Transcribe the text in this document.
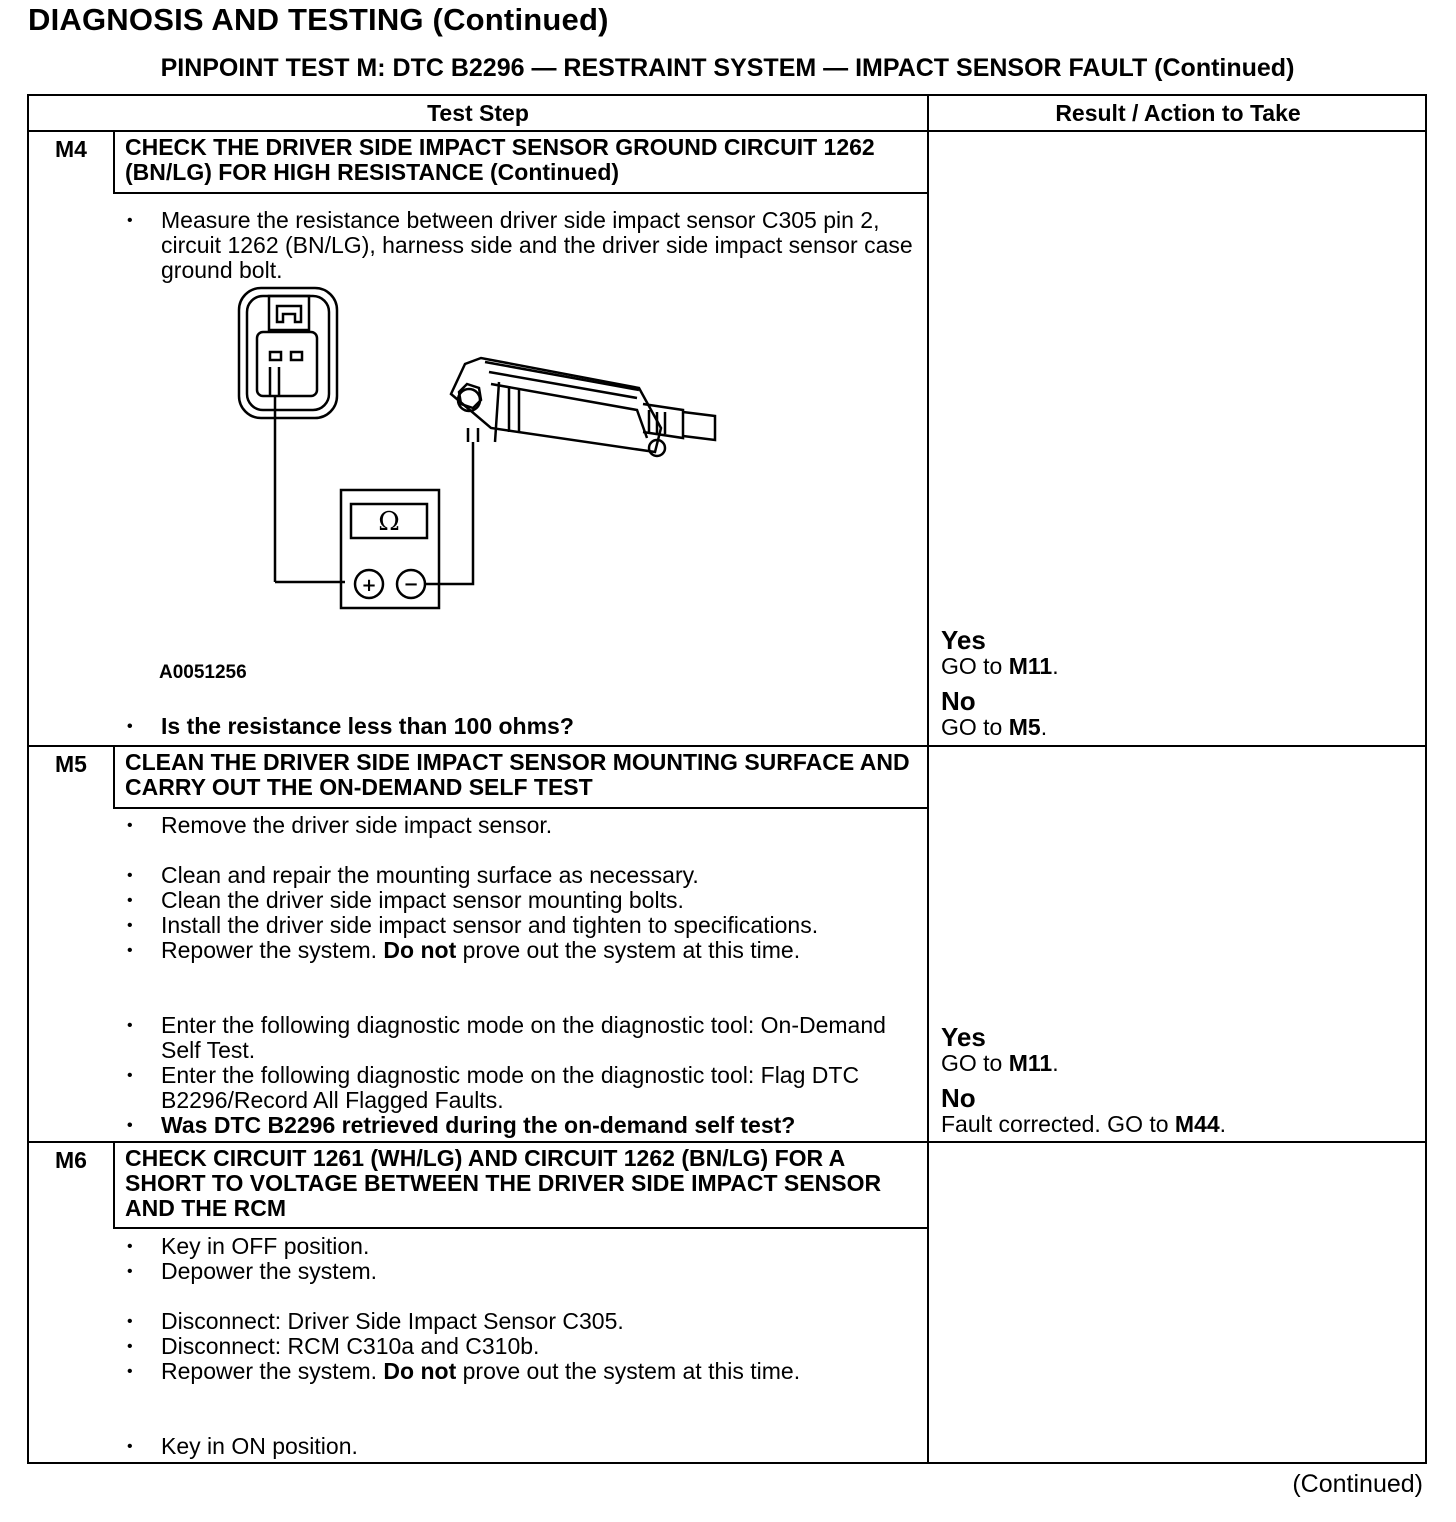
DIAGNOSIS AND TESTING (Continued)
PINPOINT TEST M: DTC B2296 — RESTRAINT SYSTEM — IMPACT SENSOR FAULT (Continued)
Test Step	Result / Action to Take
M4	CHECK THE DRIVER SIDE IMPACT SENSOR GROUND CIRCUIT 1262 (BN/LG) FOR HIGH RESISTANCE (Continued)
• Measure the resistance between driver side impact sensor C305 pin 2, circuit 1262 (BN/LG), harness side and the driver side impact sensor case ground bolt.
Ω
+ −
A0051256
• Is the resistance less than 100 ohms?
Yes
GO to M11.
No
GO to M5.
M5	CLEAN THE DRIVER SIDE IMPACT SENSOR MOUNTING SURFACE AND CARRY OUT THE ON-DEMAND SELF TEST
• Remove the driver side impact sensor.
• Clean and repair the mounting surface as necessary.
• Clean the driver side impact sensor mounting bolts.
• Install the driver side impact sensor and tighten to specifications.
• Repower the system. Do not prove out the system at this time.
• Enter the following diagnostic mode on the diagnostic tool: On-Demand Self Test.
• Enter the following diagnostic mode on the diagnostic tool: Flag DTC B2296/Record All Flagged Faults.
• Was DTC B2296 retrieved during the on-demand self test?
Yes
GO to M11.
No
Fault corrected. GO to M44.
M6	CHECK CIRCUIT 1261 (WH/LG) AND CIRCUIT 1262 (BN/LG) FOR A SHORT TO VOLTAGE BETWEEN THE DRIVER SIDE IMPACT SENSOR AND THE RCM
• Key in OFF position.
• Depower the system.
• Disconnect: Driver Side Impact Sensor C305.
• Disconnect: RCM C310a and C310b.
• Repower the system. Do not prove out the system at this time.
• Key in ON position.
(Continued)
